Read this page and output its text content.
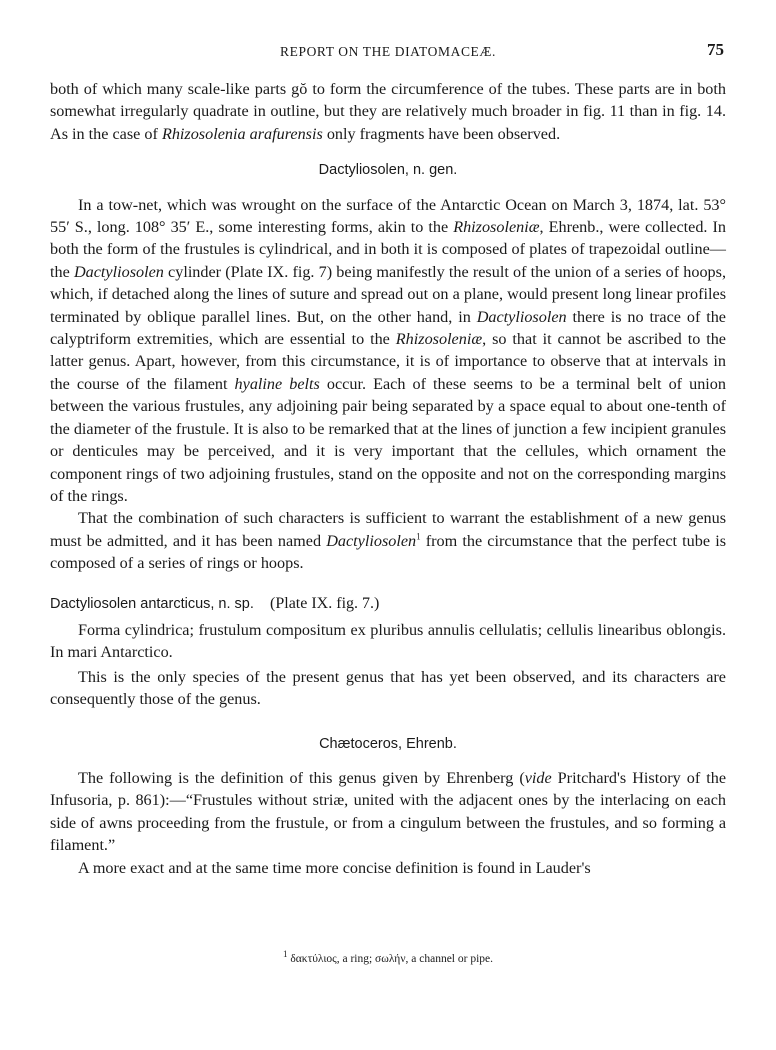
REPORT ON THE DIATOMACEÆ.	75

both of which many scale-like parts gŏ to form the circumference of the tubes. These parts are in both somewhat irregularly quadrate in outline, but they are relatively much broader in fig. 11 than in fig. 14. As in the case of Rhizosolenia arafurensis only fragments have been observed.

Dactyliosolen, n. gen.

In a tow-net, which was wrought on the surface of the Antarctic Ocean on March 3, 1874, lat. 53° 55′ S., long. 108° 35′ E., some interesting forms, akin to the Rhizosoleniæ, Ehrenb., were collected. In both the form of the frustules is cylindrical, and in both it is composed of plates of trapezoidal outline—the Dactyliosolen cylinder (Plate IX. fig. 7) being manifestly the result of the union of a series of hoops, which, if detached along the lines of suture and spread out on a plane, would present long linear profiles terminated by oblique parallel lines. But, on the other hand, in Dactyliosolen there is no trace of the calyptriform extremities, which are essential to the Rhizosoleniæ, so that it cannot be ascribed to the latter genus. Apart, however, from this circumstance, it is of importance to observe that at intervals in the course of the filament hyaline belts occur. Each of these seems to be a terminal belt of union between the various frustules, any adjoining pair being separated by a space equal to about one-tenth of the diameter of the frustule. It is also to be remarked that at the lines of junction a few incipient granules or denticules may be perceived, and it is very important that the cellules, which ornament the component rings of two adjoining frustules, stand on the opposite and not on the corresponding margins of the rings.

That the combination of such characters is sufficient to warrant the establishment of a new genus must be admitted, and it has been named Dactyliosolen$^1$ from the circumstance that the perfect tube is composed of a series of rings or hoops.

Dactyliosolen antarcticus, n. sp. (Plate IX. fig. 7.)

Forma cylindrica; frustulum compositum ex pluribus annulis cellulatis; cellulis linearibus oblongis. In mari Antarctico.

This is the only species of the present genus that has yet been observed, and its characters are consequently those of the genus.

Chætoceros, Ehrenb.

The following is the definition of this genus given by Ehrenberg (vide Pritchard's History of the Infusoria, p. 861):—“Frustules without striæ, united with the adjacent ones by the interlacing on each side of awns proceeding from the frustule, or from a cingulum between the frustules, and so forming a filament.”

A more exact and at the same time more concise definition is found in Lauder's

$^1$ δακτύλιος, a ring; σωλήν, a channel or pipe.
